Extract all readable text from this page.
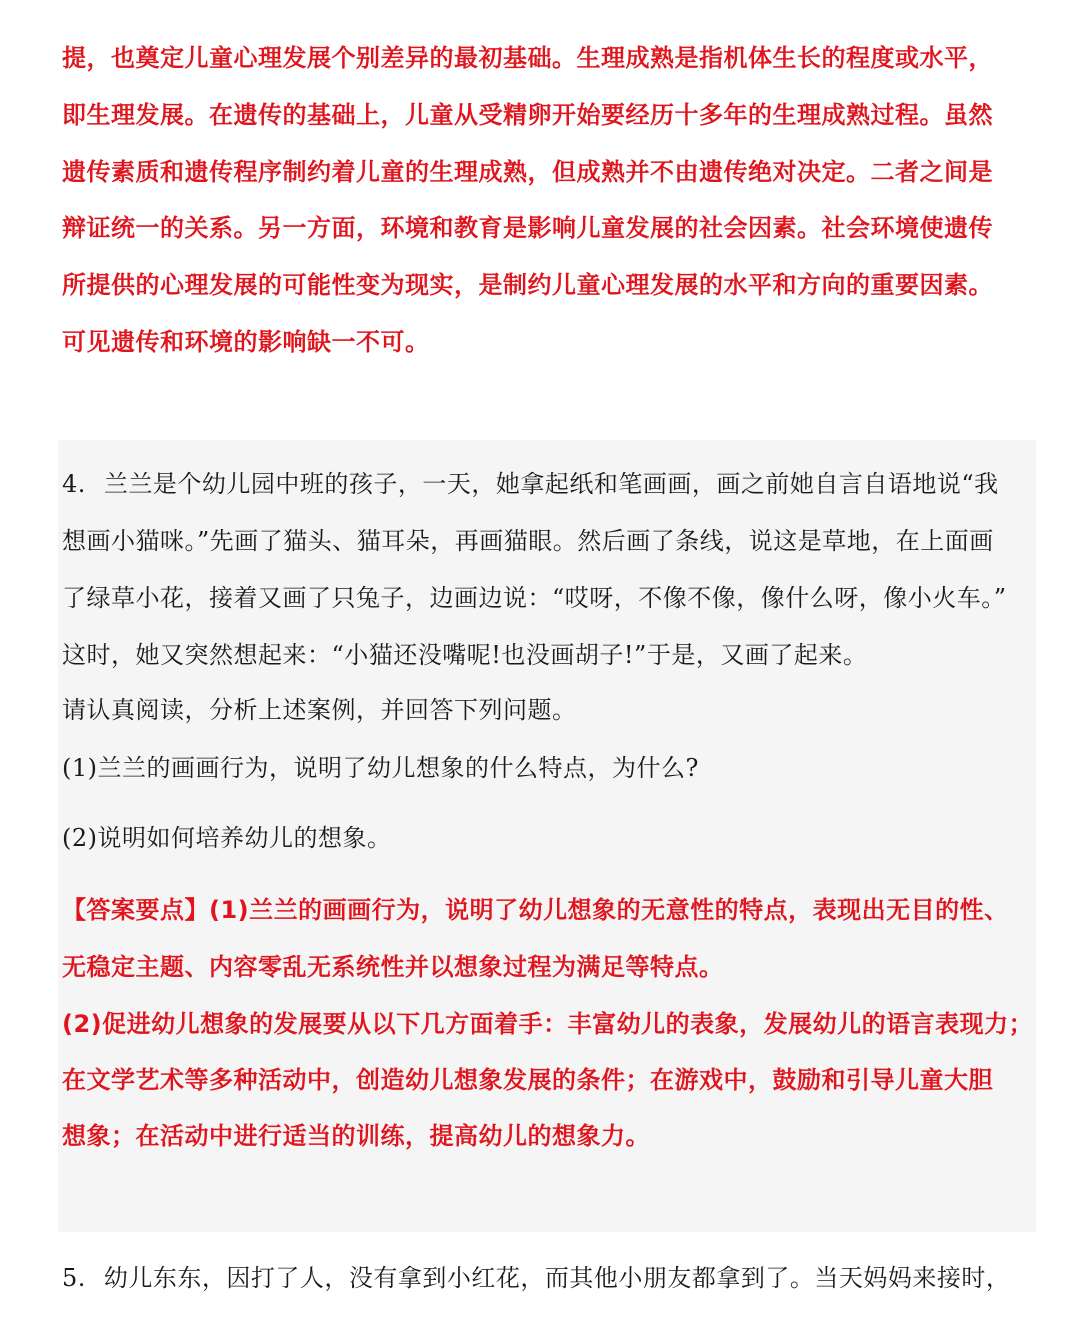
提，也奠定儿童心理发展个别差异的最初基础。生理成熟是指机体生长的程度或水平，
即生理发展。在遗传的基础上，儿童从受精卵开始要经历十多年的生理成熟过程。虽然
遗传素质和遗传程序制约着儿童的生理成熟，但成熟并不由遗传绝对决定。二者之间是
辩证统一的关系。另一方面，环境和教育是影响儿童发展的社会因素。社会环境使遗传
所提供的心理发展的可能性变为现实，是制约儿童心理发展的水平和方向的重要因素。
可见遗传和环境的影响缺一不可。
4. 兰兰是个幼儿园中班的孩子，一天，她拿起纸和笔画画，画之前她自言自语地说“我
想画小猫咪。”先画了猫头、猫耳朵，再画猫眼。然后画了条线，说这是草地，在上面画
了绿草小花，接着又画了只兔子，边画边说：“哎呀，不像不像，像什么呀，像小火车。”
这时，她又突然想起来：“小猫还没嘴呢!也没画胡子!”于是，又画了起来。
请认真阅读，分析上述案例，并回答下列问题。
(1)兰兰的画画行为，说明了幼儿想象的什么特点，为什么?
(2)说明如何培养幼儿的想象。
【答案要点】(1)兰兰的画画行为，说明了幼儿想象的无意性的特点，表现出无目的性、
无稳定主题、内容零乱无系统性并以想象过程为满足等特点。
(2)促进幼儿想象的发展要从以下几方面着手：丰富幼儿的表象，发展幼儿的语言表现力；
在文学艺术等多种活动中，创造幼儿想象发展的条件；在游戏中，鼓励和引导儿童大胆
想象；在活动中进行适当的训练，提高幼儿的想象力。
5. 幼儿东东，因打了人，没有拿到小红花，而其他小朋友都拿到了。当天妈妈来接时，
